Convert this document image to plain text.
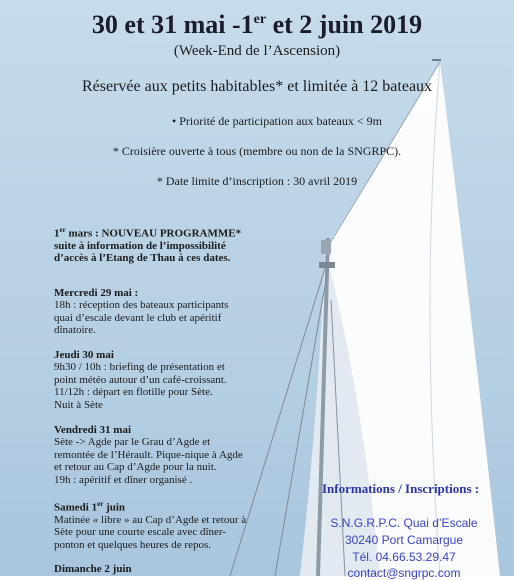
30 et 31 mai -1er et 2 juin 2019
(Week-End de l’Ascension)
Réservée aux petits habitables* et limitée à 12 bateaux
• Priorité de participation aux bateaux < 9m
* Croisière ouverte à tous (membre ou non de la SNGRPC).
* Date limite d’inscription : 30 avril 2019
1er mars : NOUVEAU PROGRAMME*
suite à information de l’impossibilité
d’accès à l’Etang de Thau à ces dates.
Mercredi 29 mai :
18h : réception des bateaux participants
quai d’escale devant le club et apéritif
dînatoire.
Jeudi 30 mai
9h30 / 10h : briefing de présentation et
point météo autour d’un café-croissant.
11/12h : départ en flotille pour Sète.
Nuit à Sète
Vendredi 31 mai
Sète -> Agde par le Grau d’Agde et
remontée de l’Hérault. Pique-nique à Agde
et retour au Cap d’Agde pour la nuit.
19h : apéritif et dîner organisé .
Samedi 1er juin
Matinée « libre » au Cap d’Agde et retour à
Sète pour une courte escale avec dîner-
ponton et quelques heures de repos.
Dimanche 2 juin
Informations / Inscriptions :
S.N.G.R.P.C. Quai d’Escale
30240 Port Camargue
Tél. 04.66.53.29.47
contact@sngrpc.com
